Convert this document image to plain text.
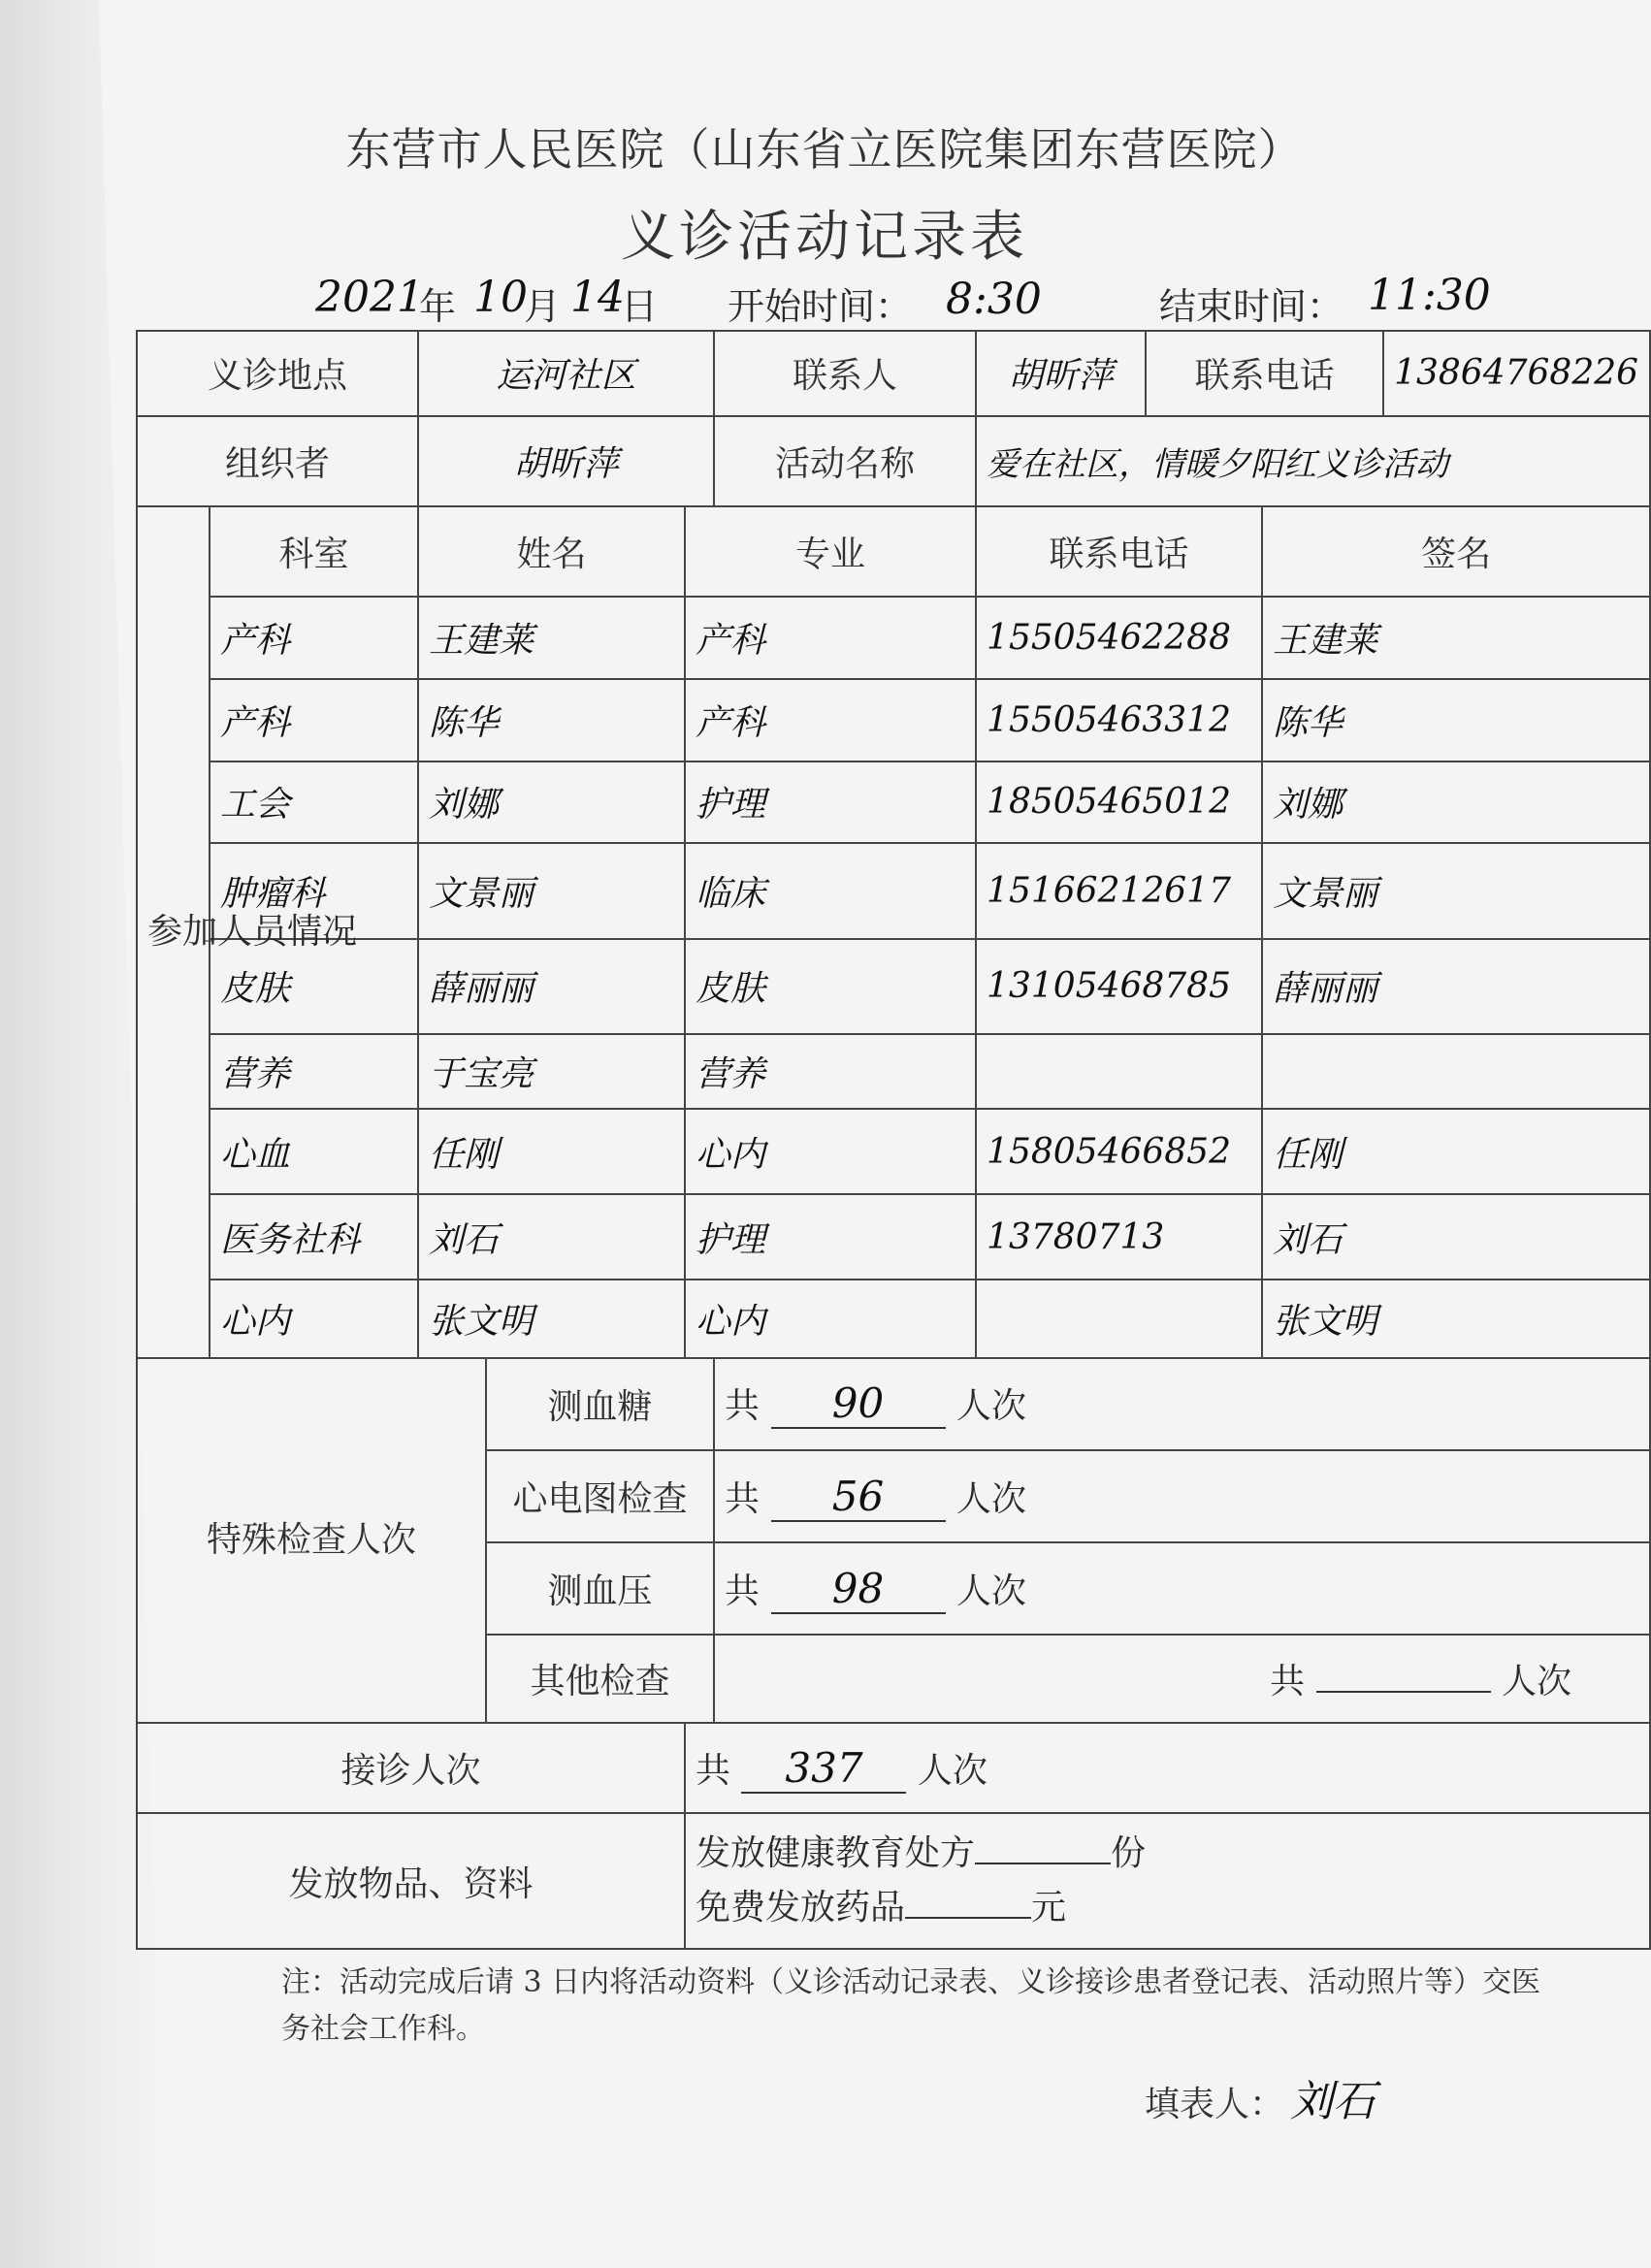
东营市人民医院（山东省立医院集团东营医院）
义诊活动记录表
2021
年 10
月 14
日 开始时间： 8:30	结束时间： 11:30
义诊地点		运河社区			联系人	胡昕萍	联系电话		13864768226
组织者		胡昕萍			活动名称	爱在社区，情暖夕阳红义诊活动			
参加人员情况	科室	姓名		专业		联系电话		签名	
	产科	王建莱		产科		15505462288		王建莱	
	产科	陈华		产科		15505463312		陈华	
	工会	刘娜		护理		18505465012		刘娜	
	肿瘤科	文景丽		临床		15166212617		文景丽	
	皮肤	薛丽丽		皮肤		13105468785		薛丽丽	
	营养	于宝亮		营养					
	心血	任刚		心内		15805466852		任刚	
	医务社科	刘石		护理		13780713		刘石	
	心内	张文明		心内				张文明	
特殊检查人次			测血糖		共 90 人次				
			心电图检查		共 56 人次				
			测血压		共 98 人次				
			其他检查		共 人次				
接诊人次				共 337 人次					
发放物品、资料				发放健康教育处方 份
免费发放药品 元					
注：活动完成后请 3 日内将活动资料（义诊活动记录表、义诊接诊患者登记表、活动照片等）交医务社会工作科。
填表人： 刘石
